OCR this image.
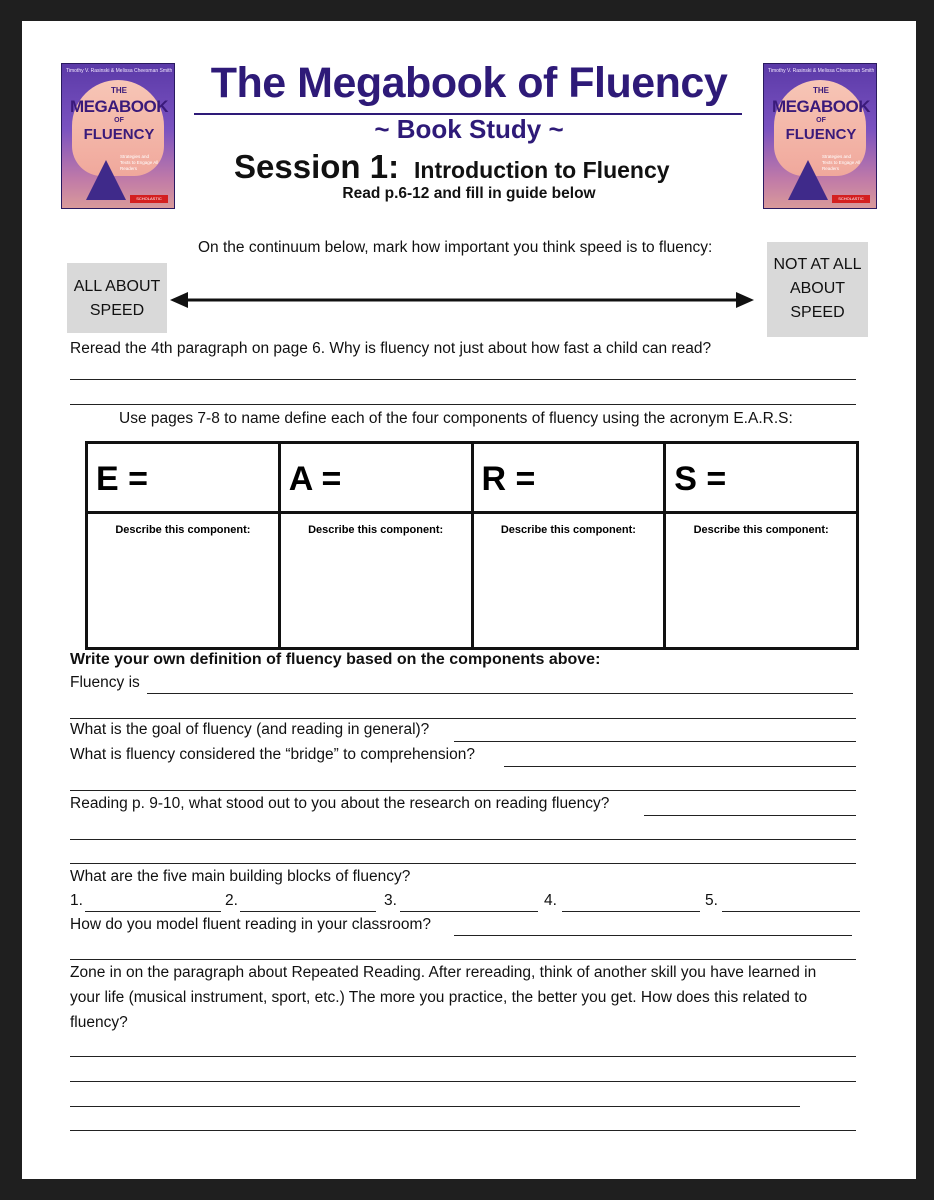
Timothy V. Rasinski & Melissa Cheesman Smith
THE
MEGABOOK
OF
FLUENCY
Strategies and Texts to Engage All Readers
SCHOLASTIC
Timothy V. Rasinski & Melissa Cheesman Smith
THE
MEGABOOK
OF
FLUENCY
Strategies and Texts to Engage All Readers
SCHOLASTIC
The Megabook of Fluency
~ Book Study ~
Session 1: Introduction to Fluency
Read p.6-12 and fill in guide below
On the continuum below, mark how important you think speed is to fluency:
ALL ABOUT
SPEED
NOT AT ALL
ABOUT
SPEED
Reread the 4th paragraph on page 6. Why is fluency not just about how fast a child can read?
Use pages 7-8 to name define each of the four components of fluency using the acronym E.A.R.S:
E =	A =	R =	S =
Describe this component:	Describe this component:	Describe this component:	Describe this component:
Write your own definition of fluency based on the components above:
Fluency is
What is the goal of fluency (and reading in general)?
What is fluency considered the “bridge” to comprehension?
Reading p. 9-10, what stood out to you about the research on reading fluency?
What are the five main building blocks of fluency?
1.	2.	3.	4.	5.
How do you model fluent reading in your classroom?
Zone in on the paragraph about Repeated Reading. After rereading, think of another skill you have learned in
your life (musical instrument, sport, etc.) The more you practice, the better you get. How does this related to
fluency?
